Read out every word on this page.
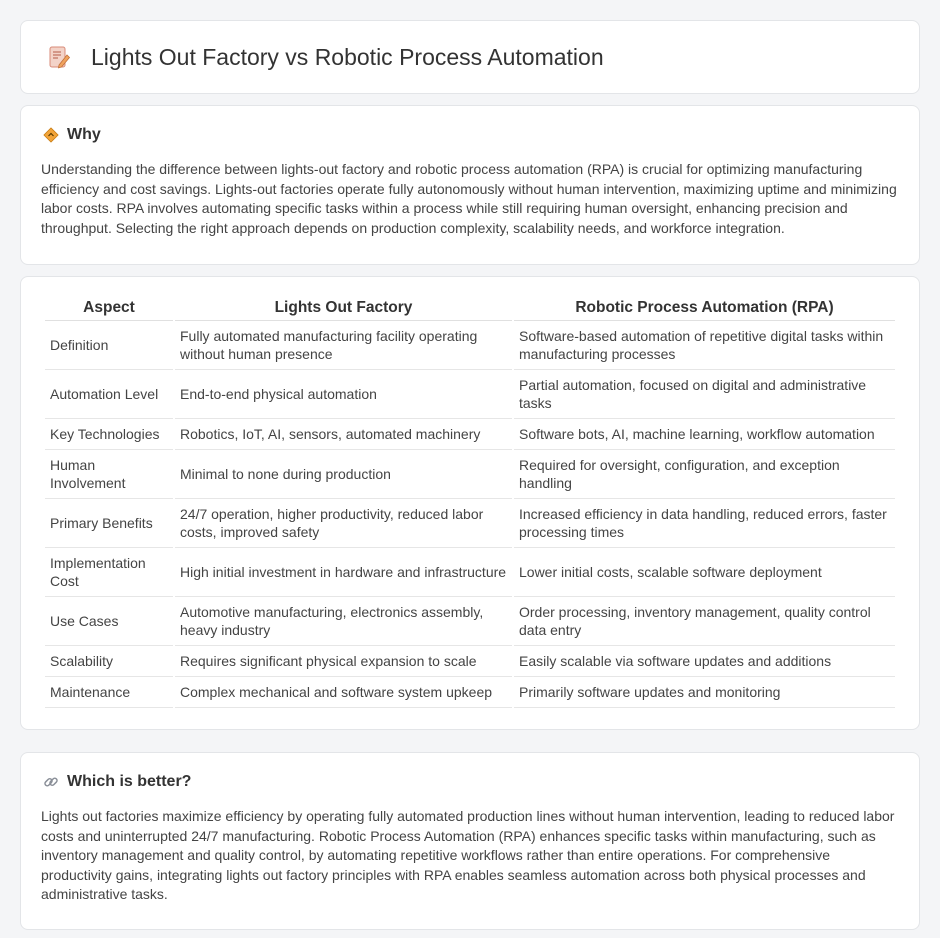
Lights Out Factory vs Robotic Process Automation
Why

Understanding the difference between lights-out factory and robotic process automation (RPA) is crucial for optimizing manufacturing efficiency and cost savings. Lights-out factories operate fully autonomously without human intervention, maximizing uptime and minimizing labor costs. RPA involves automating specific tasks within a process while still requiring human oversight, enhancing precision and throughput. Selecting the right approach depends on production complexity, scalability needs, and workforce integration.

Aspect	Lights Out Factory	Robotic Process Automation (RPA)
Definition	Fully automated manufacturing facility operating without human presence	Software-based automation of repetitive digital tasks within manufacturing processes
Automation Level	End-to-end physical automation	Partial automation, focused on digital and administrative tasks
Key Technologies	Robotics, IoT, AI, sensors, automated machinery	Software bots, AI, machine learning, workflow automation
Human Involvement	Minimal to none during production	Required for oversight, configuration, and exception handling
Primary Benefits	24/7 operation, higher productivity, reduced labor costs, improved safety	Increased efficiency in data handling, reduced errors, faster processing times
Implementation Cost	High initial investment in hardware and infrastructure	Lower initial costs, scalable software deployment
Use Cases	Automotive manufacturing, electronics assembly, heavy industry	Order processing, inventory management, quality control data entry
Scalability	Requires significant physical expansion to scale	Easily scalable via software updates and additions
Maintenance	Complex mechanical and software system upkeep	Primarily software updates and monitoring
Which is better?

Lights out factories maximize efficiency by operating fully automated production lines without human intervention, leading to reduced labor costs and uninterrupted 24/7 manufacturing. Robotic Process Automation (RPA) enhances specific tasks within manufacturing, such as inventory management and quality control, by automating repetitive workflows rather than entire operations. For comprehensive productivity gains, integrating lights out factory principles with RPA enables seamless automation across both physical processes and administrative tasks.
